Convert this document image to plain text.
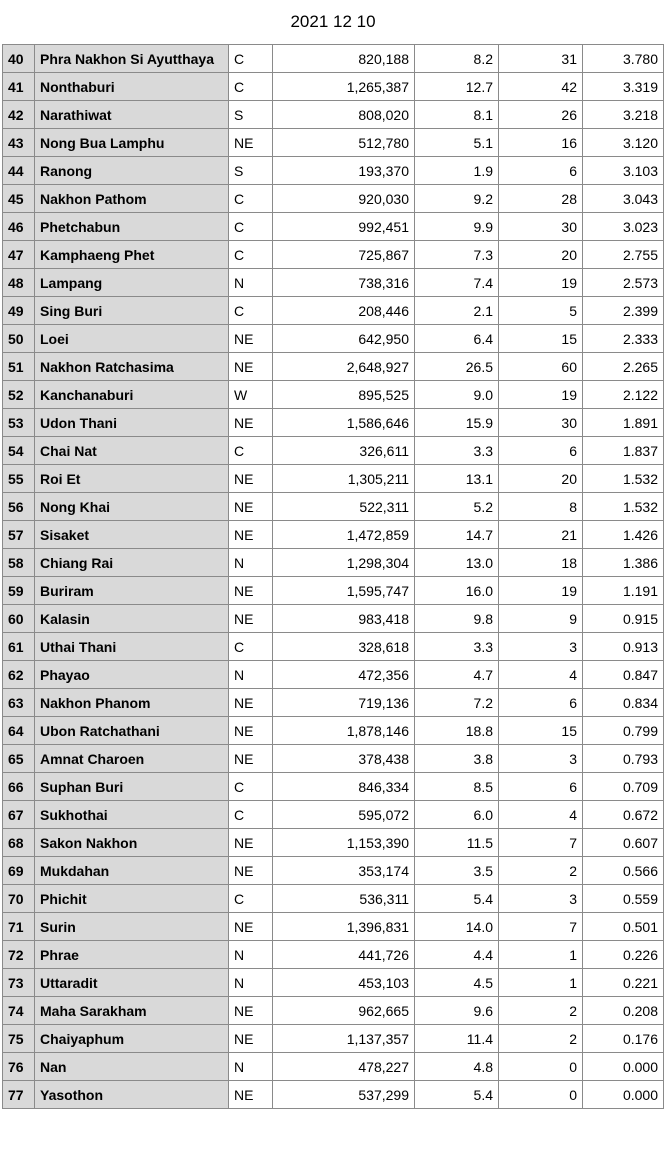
2021 12 10
40	Phra Nakhon Si Ayutthaya	C	820,188	8.2	31	3.780
41	Nonthaburi	C	1,265,387	12.7	42	3.319
42	Narathiwat	S	808,020	8.1	26	3.218
43	Nong Bua Lamphu	NE	512,780	5.1	16	3.120
44	Ranong	S	193,370	1.9	6	3.103
45	Nakhon Pathom	C	920,030	9.2	28	3.043
46	Phetchabun	C	992,451	9.9	30	3.023
47	Kamphaeng Phet	C	725,867	7.3	20	2.755
48	Lampang	N	738,316	7.4	19	2.573
49	Sing Buri	C	208,446	2.1	5	2.399
50	Loei	NE	642,950	6.4	15	2.333
51	Nakhon Ratchasima	NE	2,648,927	26.5	60	2.265
52	Kanchanaburi	W	895,525	9.0	19	2.122
53	Udon Thani	NE	1,586,646	15.9	30	1.891
54	Chai Nat	C	326,611	3.3	6	1.837
55	Roi Et	NE	1,305,211	13.1	20	1.532
56	Nong Khai	NE	522,311	5.2	8	1.532
57	Sisaket	NE	1,472,859	14.7	21	1.426
58	Chiang Rai	N	1,298,304	13.0	18	1.386
59	Buriram	NE	1,595,747	16.0	19	1.191
60	Kalasin	NE	983,418	9.8	9	0.915
61	Uthai Thani	C	328,618	3.3	3	0.913
62	Phayao	N	472,356	4.7	4	0.847
63	Nakhon Phanom	NE	719,136	7.2	6	0.834
64	Ubon Ratchathani	NE	1,878,146	18.8	15	0.799
65	Amnat Charoen	NE	378,438	3.8	3	0.793
66	Suphan Buri	C	846,334	8.5	6	0.709
67	Sukhothai	C	595,072	6.0	4	0.672
68	Sakon Nakhon	NE	1,153,390	11.5	7	0.607
69	Mukdahan	NE	353,174	3.5	2	0.566
70	Phichit	C	536,311	5.4	3	0.559
71	Surin	NE	1,396,831	14.0	7	0.501
72	Phrae	N	441,726	4.4	1	0.226
73	Uttaradit	N	453,103	4.5	1	0.221
74	Maha Sarakham	NE	962,665	9.6	2	0.208
75	Chaiyaphum	NE	1,137,357	11.4	2	0.176
76	Nan	N	478,227	4.8	0	0.000
77	Yasothon	NE	537,299	5.4	0	0.000
